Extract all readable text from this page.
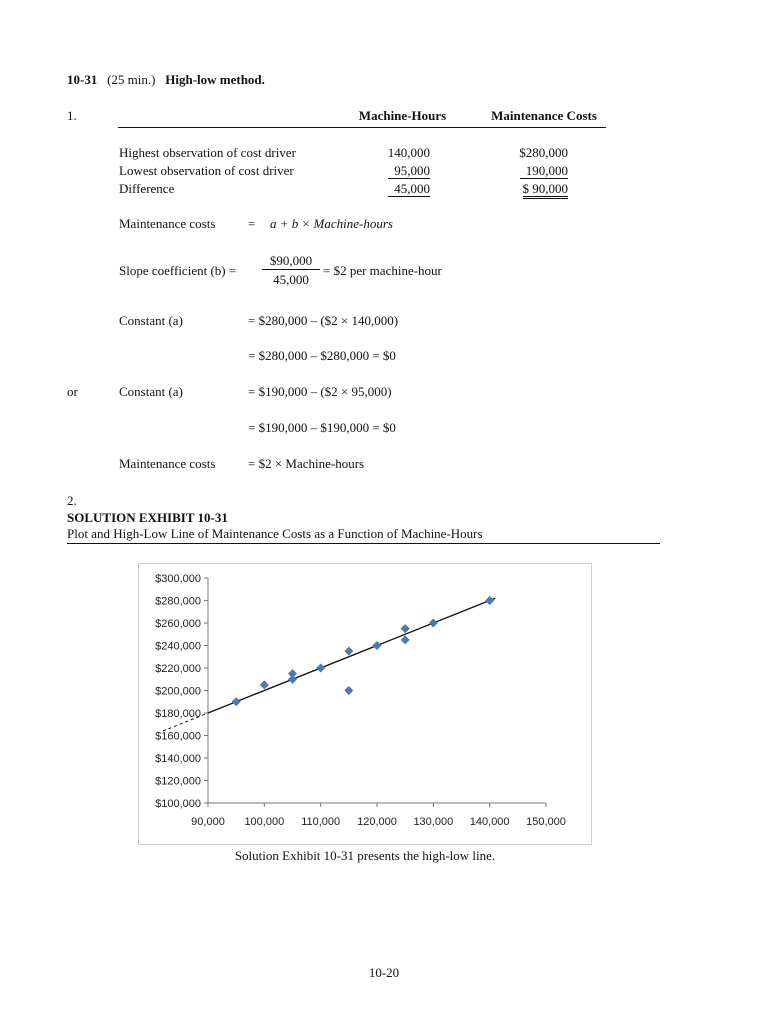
10-31 (25 min.) High-low method.
1.	Machine-Hours	Maintenance Costs
Highest observation of cost driver	140,000	$280,000
Lowest observation of cost driver	95,000	190,000
Difference	45,000	$ 90,000
Maintenance costs	= a + b × Machine-hours
Slope coefficient $(b) = \frac{\$90,000}{45,000}$ = $2 per machine-hour
Constant (a)	= $280,000 – ($2 × 140,000)
= $280,000 – $280,000 = $0
or	Constant (a)	= $190,000 – ($2 × 95,000)
= $190,000 – $190,000 = $0
Maintenance costs	= $2 × Machine-hours
2.
SOLUTION EXHIBIT 10-31
Plot and High-Low Line of Maintenance Costs as a Function of Machine-Hours
$100,000
$120,000
$140,000
$160,000
$180,000
$200,000
$220,000
$240,000
$260,000
$280,000
$300,000
90,000 100,000 110,000 120,000 130,000 140,000 150,000
Solution Exhibit 10-31 presents the high-low line.
10-20
